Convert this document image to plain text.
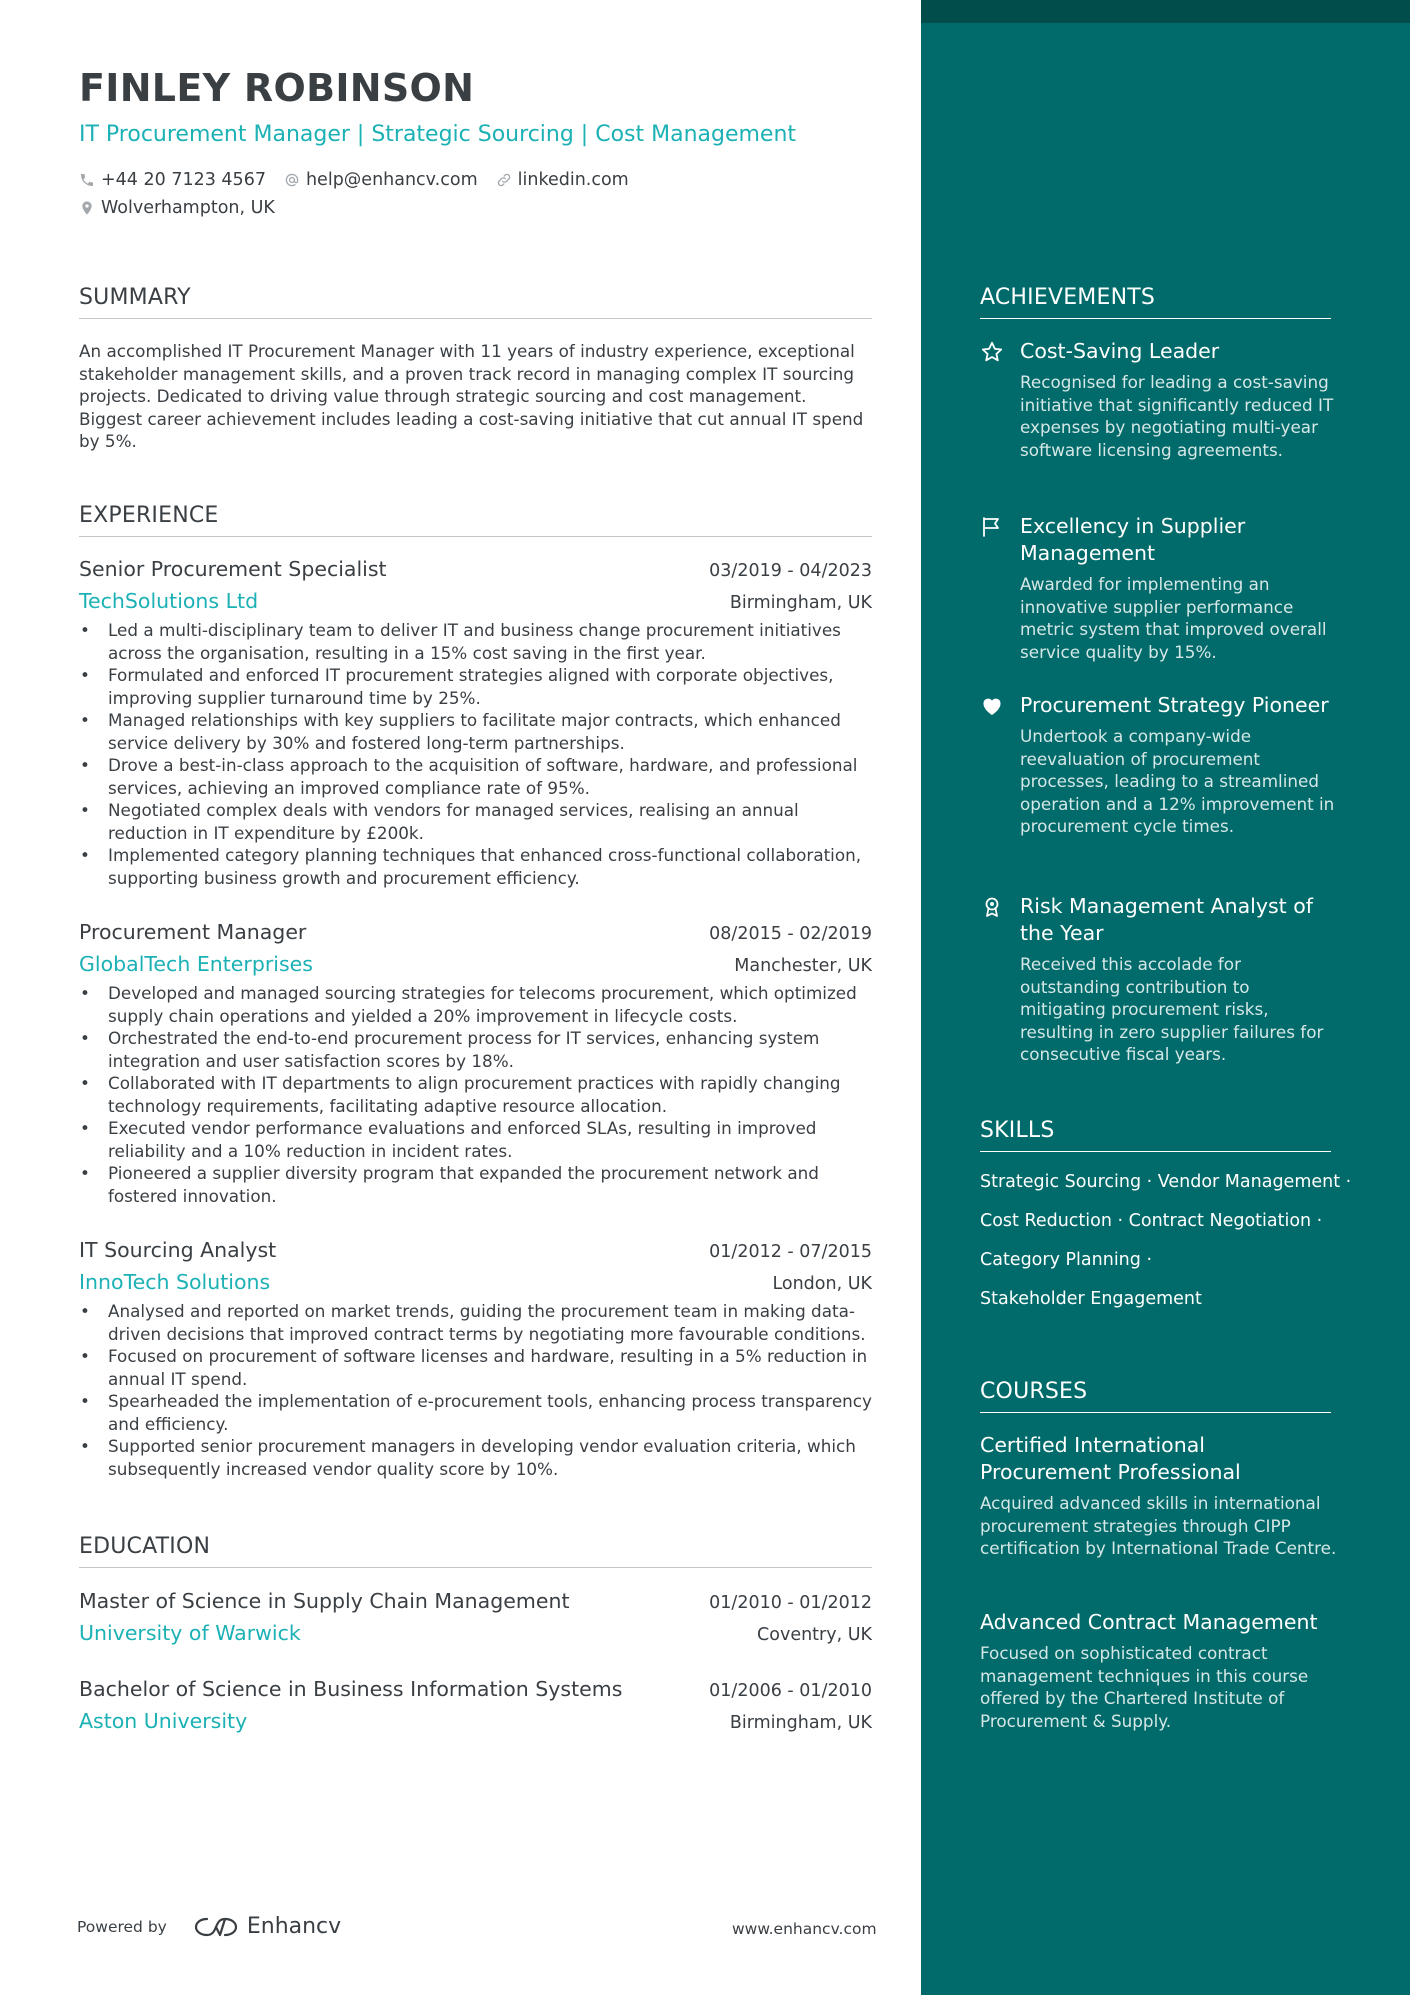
FINLEY ROBINSON
IT Procurement Manager | Strategic Sourcing | Cost Management
+44 20 7123 4567 help@enhancv.com linkedin.com
Wolverhampton, UK
SUMMARY
An accomplished IT Procurement Manager with 11 years of industry experience, exceptional stakeholder management skills, and a proven track record in managing complex IT sourcing projects. Dedicated to driving value through strategic sourcing and cost management. Biggest career achievement includes leading a cost-saving initiative that cut annual IT spend by 5%.
EXPERIENCE
Senior Procurement Specialist	03/2019 - 04/2023
TechSolutions Ltd	Birmingham, UK
• Led a multi-disciplinary team to deliver IT and business change procurement initiatives across the organisation, resulting in a 15% cost saving in the first year.
• Formulated and enforced IT procurement strategies aligned with corporate objectives, improving supplier turnaround time by 25%.
• Managed relationships with key suppliers to facilitate major contracts, which enhanced service delivery by 30% and fostered long-term partnerships.
• Drove a best-in-class approach to the acquisition of software, hardware, and professional services, achieving an improved compliance rate of 95%.
• Negotiated complex deals with vendors for managed services, realising an annual reduction in IT expenditure by £200k.
• Implemented category planning techniques that enhanced cross-functional collaboration, supporting business growth and procurement efficiency.
Procurement Manager	08/2015 - 02/2019
GlobalTech Enterprises	Manchester, UK
• Developed and managed sourcing strategies for telecoms procurement, which optimized supply chain operations and yielded a 20% improvement in lifecycle costs.
• Orchestrated the end-to-end procurement process for IT services, enhancing system integration and user satisfaction scores by 18%.
• Collaborated with IT departments to align procurement practices with rapidly changing technology requirements, facilitating adaptive resource allocation.
• Executed vendor performance evaluations and enforced SLAs, resulting in improved reliability and a 10% reduction in incident rates.
• Pioneered a supplier diversity program that expanded the procurement network and fostered innovation.
IT Sourcing Analyst	01/2012 - 07/2015
InnoTech Solutions	London, UK
• Analysed and reported on market trends, guiding the procurement team in making data-driven decisions that improved contract terms by negotiating more favourable conditions.
• Focused on procurement of software licenses and hardware, resulting in a 5% reduction in annual IT spend.
• Spearheaded the implementation of e-procurement tools, enhancing process transparency and efficiency.
• Supported senior procurement managers in developing vendor evaluation criteria, which subsequently increased vendor quality score by 10%.
EDUCATION
Master of Science in Supply Chain Management	01/2010 - 01/2012
University of Warwick	Coventry, UK
Bachelor of Science in Business Information Systems	01/2006 - 01/2010
Aston University	Birmingham, UK
Powered by	Enhancv	www.enhancv.com
ACHIEVEMENTS
Cost-Saving Leader
Recognised for leading a cost-saving initiative that significantly reduced IT expenses by negotiating multi-year software licensing agreements.
Excellency in Supplier Management
Awarded for implementing an innovative supplier performance metric system that improved overall service quality by 15%.
Procurement Strategy Pioneer
Undertook a company-wide reevaluation of procurement processes, leading to a streamlined operation and a 12% improvement in procurement cycle times.
Risk Management Analyst of the Year
Received this accolade for outstanding contribution to mitigating procurement risks, resulting in zero supplier failures for consecutive fiscal years.
SKILLS
Strategic Sourcing · Vendor Management ·
Cost Reduction · Contract Negotiation ·
Category Planning ·
Stakeholder Engagement
COURSES
Certified International Procurement Professional
Acquired advanced skills in international procurement strategies through CIPP certification by International Trade Centre.
Advanced Contract Management
Focused on sophisticated contract management techniques in this course offered by the Chartered Institute of Procurement & Supply.
